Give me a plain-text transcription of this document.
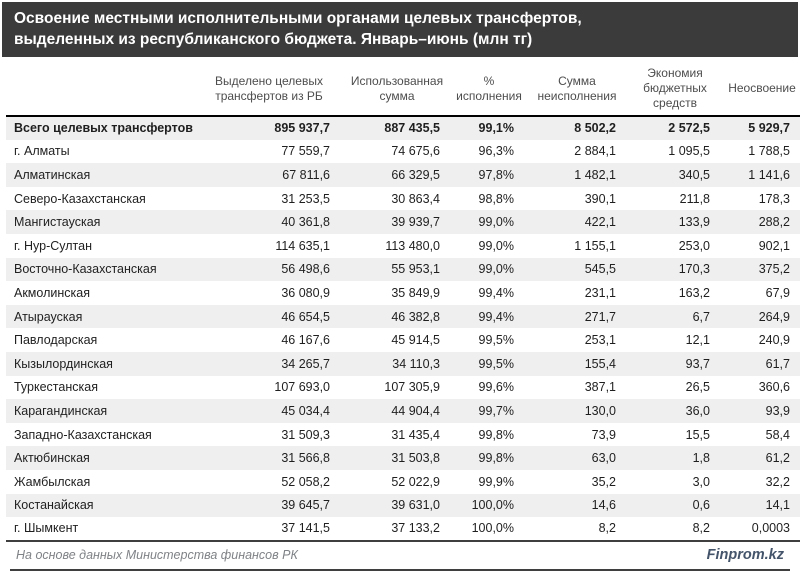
Освоение местными исполнительными органами целевых трансфертов,
выделенных из республиканского бюджета. Январь–июнь (млн тг)
	Выделено целевых трансфертов из РБ	Использованная сумма	% исполнения	Сумма неисполнения	Экономия бюджетных средств	Неосвоение
Всего целевых трансфертов	895 937,7	887 435,5	99,1%	8 502,2	2 572,5	5 929,7
г. Алматы	77 559,7	74 675,6	96,3%	2 884,1	1 095,5	1 788,5
Алматинская	67 811,6	66 329,5	97,8%	1 482,1	340,5	1 141,6
Северо-Казахстанская	31 253,5	30 863,4	98,8%	390,1	211,8	178,3
Мангистауская	40 361,8	39 939,7	99,0%	422,1	133,9	288,2
г. Нур-Султан	114 635,1	113 480,0	99,0%	1 155,1	253,0	902,1
Восточно-Казахстанская	56 498,6	55 953,1	99,0%	545,5	170,3	375,2
Акмолинская	36 080,9	35 849,9	99,4%	231,1	163,2	67,9
Атырауская	46 654,5	46 382,8	99,4%	271,7	6,7	264,9
Павлодарская	46 167,6	45 914,5	99,5%	253,1	12,1	240,9
Кызылординская	34 265,7	34 110,3	99,5%	155,4	93,7	61,7
Туркестанская	107 693,0	107 305,9	99,6%	387,1	26,5	360,6
Карагандинская	45 034,4	44 904,4	99,7%	130,0	36,0	93,9
Западно-Казахстанская	31 509,3	31 435,4	99,8%	73,9	15,5	58,4
Актюбинская	31 566,8	31 503,8	99,8%	63,0	1,8	61,2
Жамбылская	52 058,2	52 022,9	99,9%	35,2	3,0	32,2
Костанайская	39 645,7	39 631,0	100,0%	14,6	0,6	14,1
г. Шымкент	37 141,5	37 133,2	100,0%	8,2	8,2	0,0003
На основе данных Министерства финансов РК	Finprom.kz
